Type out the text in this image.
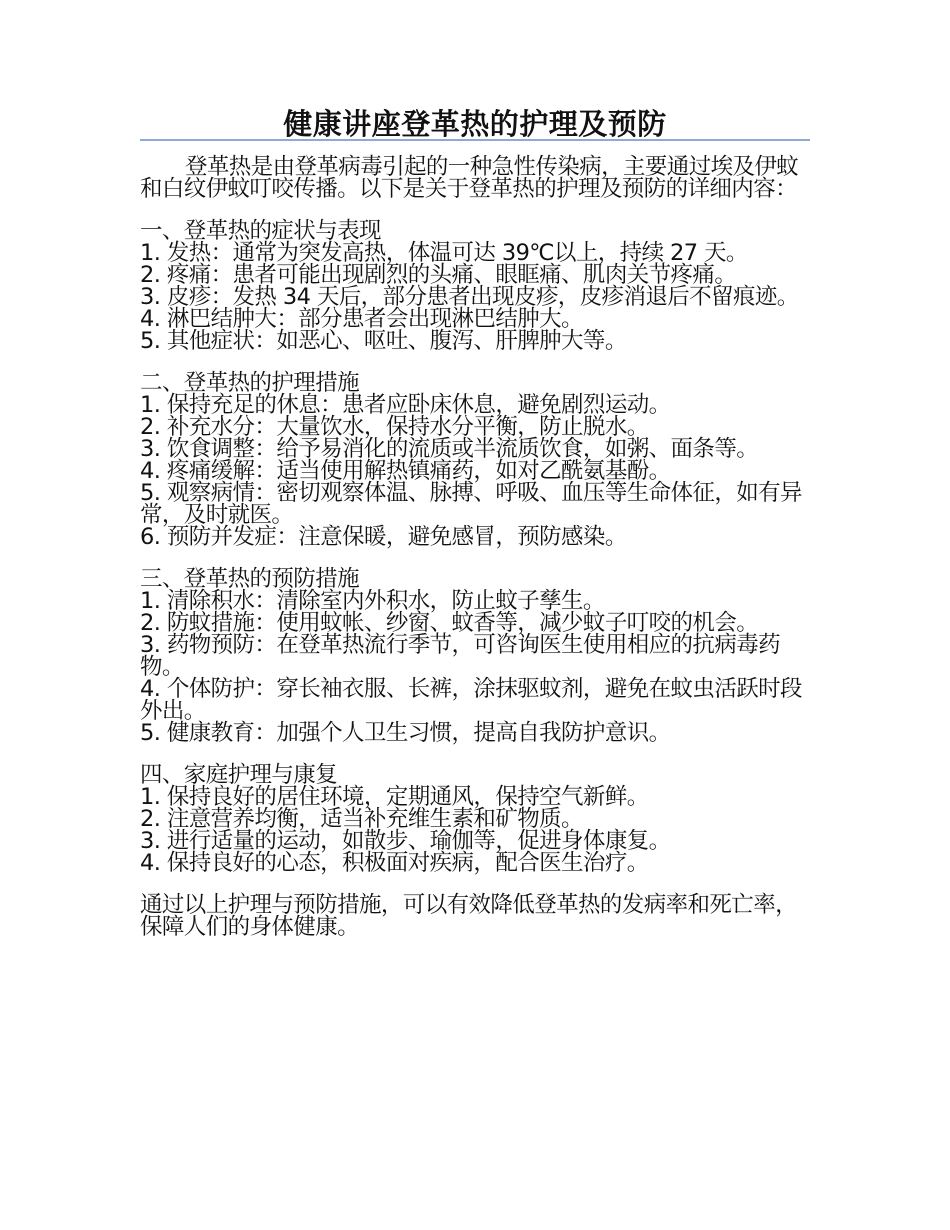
健康讲座登革热的护理及预防

登革热是由登革病毒引起的一种急性传染病，主要通过埃及伊蚊和白纹伊蚊叮咬传播。以下是关于登革热的护理及预防的详细内容：

一、登革热的症状与表现
1. 发热：通常为突发高热，体温可达 39℃以上，持续 27 天。
2. 疼痛：患者可能出现剧烈的头痛、眼眶痛、肌肉关节疼痛。
3. 皮疹：发热 34 天后，部分患者出现皮疹，皮疹消退后不留痕迹。
4. 淋巴结肿大：部分患者会出现淋巴结肿大。
5. 其他症状：如恶心、呕吐、腹泻、肝脾肿大等。
二、登革热的护理措施
1. 保持充足的休息：患者应卧床休息，避免剧烈运动。
2. 补充水分：大量饮水，保持水分平衡，防止脱水。
3. 饮食调整：给予易消化的流质或半流质饮食，如粥、面条等。
4. 疼痛缓解：适当使用解热镇痛药，如对乙酰氨基酚。
5. 观察病情：密切观察体温、脉搏、呼吸、血压等生命体征，如有异常，及时就医。
6. 预防并发症：注意保暖，避免感冒，预防感染。
三、登革热的预防措施
1. 清除积水：清除室内外积水，防止蚊子孳生。
2. 防蚊措施：使用蚊帐、纱窗、蚊香等，减少蚊子叮咬的机会。
3. 药物预防：在登革热流行季节，可咨询医生使用相应的抗病毒药物。
4. 个体防护：穿长袖衣服、长裤，涂抹驱蚊剂，避免在蚊虫活跃时段外出。
5. 健康教育：加强个人卫生习惯，提高自我防护意识。
四、家庭护理与康复
1. 保持良好的居住环境，定期通风，保持空气新鲜。
2. 注意营养均衡，适当补充维生素和矿物质。
3. 进行适量的运动，如散步、瑜伽等，促进身体康复。
4. 保持良好的心态，积极面对疾病，配合医生治疗。

通过以上护理与预防措施，可以有效降低登革热的发病率和死亡率，保障人们的身体健康。
